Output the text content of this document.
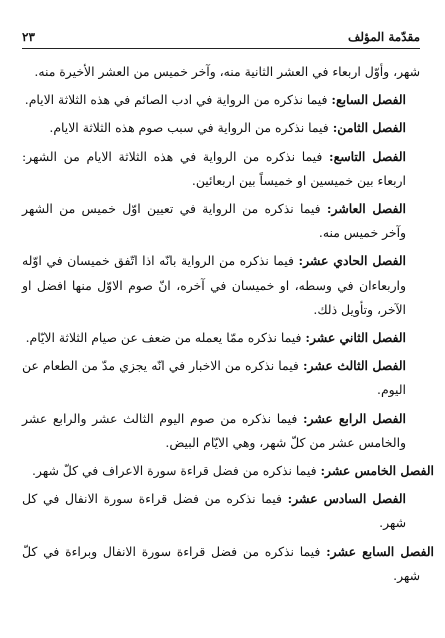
مقدّمة المؤلف
٢٣

شهر، وأوّل اربعاء في العشر الثانية منه، وآخر خميس من العشر الأخيرة منه.

الفصل السابع: فيما نذكره من الرواية في ادب الصائم في هذه الثلاثة الايام.

الفصل الثامن: فيما نذكره من الرواية في سبب صوم هذه الثلاثة الايام.

الفصل التاسع: فيما نذكره من الرواية في هذه الثلاثة الايام من الشهر: اربعاء بين خميسين او خميساً بين اربعائين.

الفصل العاشر: فيما نذكره من الرواية في تعيين اوّل خميس من الشهر وآخر خميس منه.

الفصل الحادي عشر: فيما نذكره من الرواية بانّه اذا اتّفق خميسان في اوّله واربعاءان في وسطه، او خميسان في آخره، انّ صوم الاوّل منها افضل او الآخر، وتأويل ذلك.

الفصل الثاني عشر: فيما نذكره ممّا يعمله من ضعف عن صيام الثلاثة الايّام.

الفصل الثالث عشر: فيما نذكره من الاخبار في انّه يجزي مدّ من الطعام عن اليوم.

الفصل الرابع عشر: فيما نذكره من صوم اليوم الثالث عشر والرابع عشر والخامس عشر من كلّ شهر، وهي الايّام البيض.

الفصل الخامس عشر: فيما نذكره من فضل قراءة سورة الاعراف في كلّ شهر.

الفصل السادس عشر: فيما نذكره من فضل قراءة سورة الانفال في كل شهر.

الفصل السابع عشر: فيما نذكره من فضل قراءة سورة الانفال وبراءة في كلّ شهر.
